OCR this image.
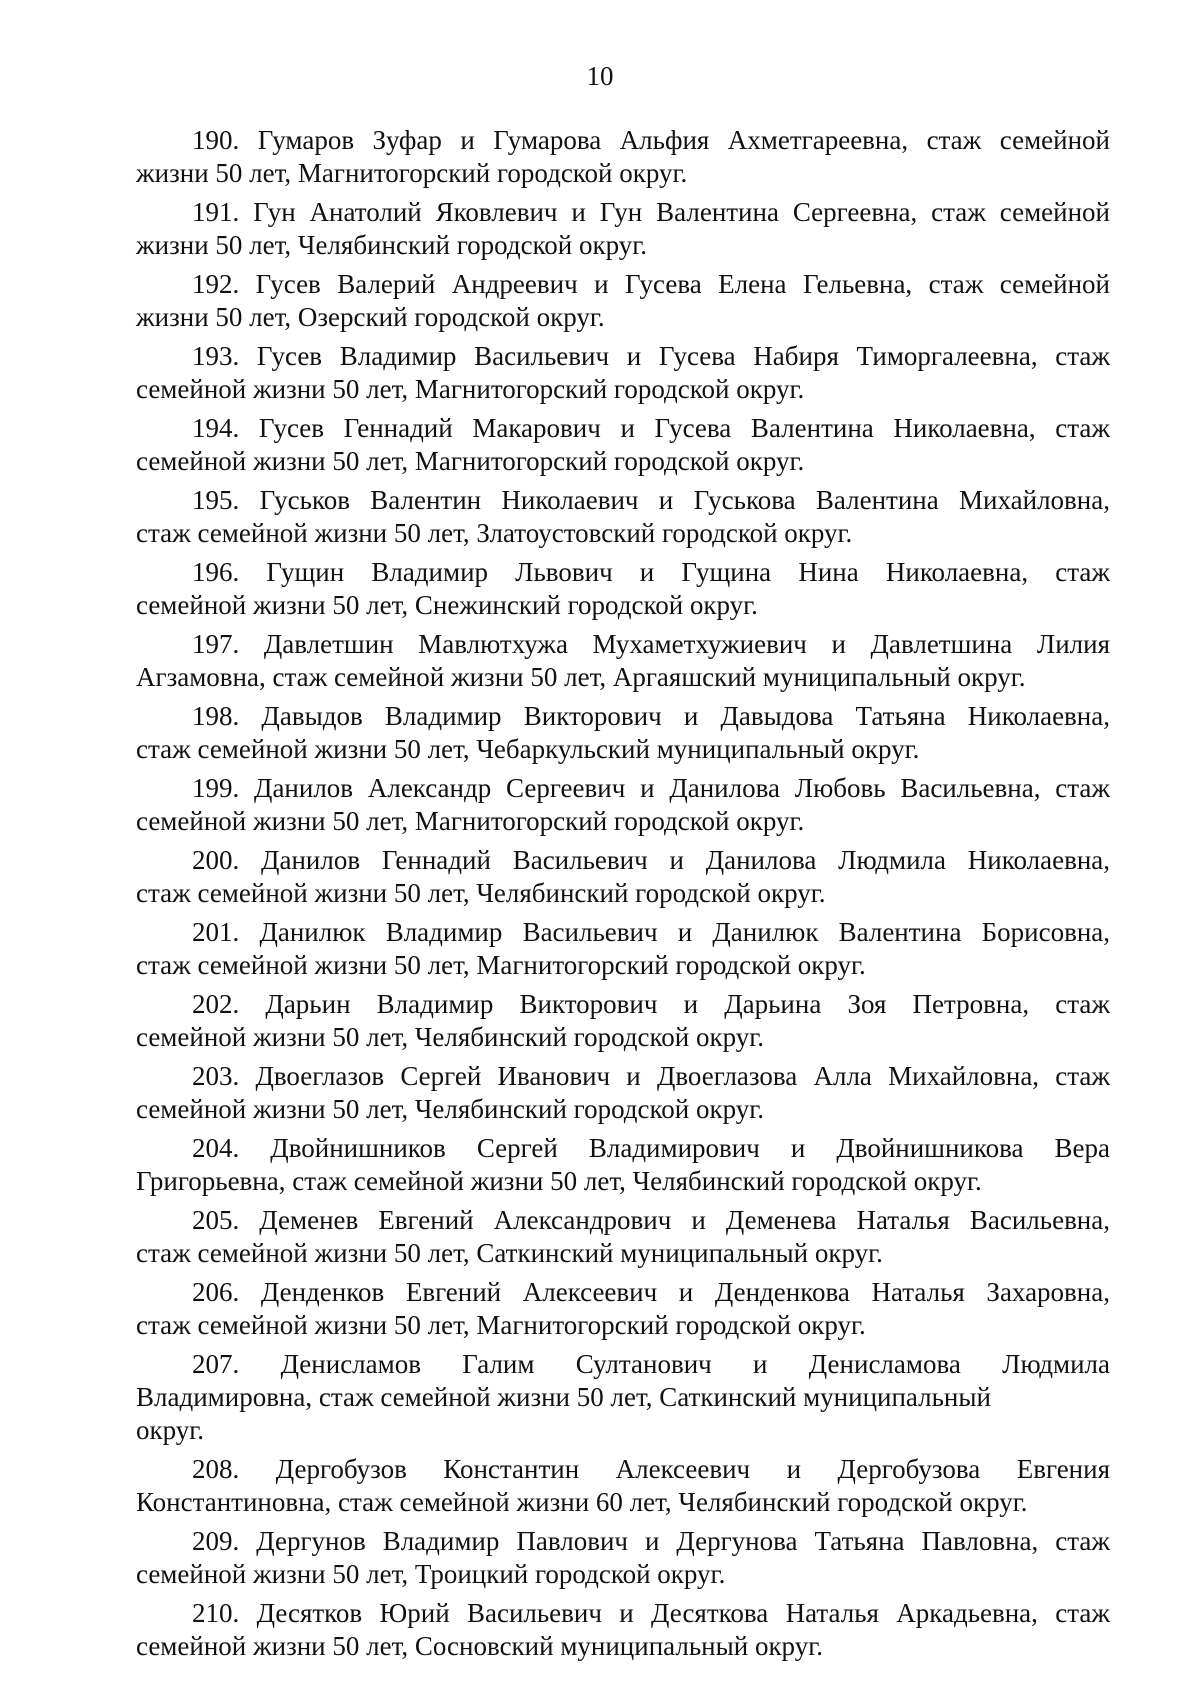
10
190. Гумаров Зуфар и Гумарова Альфия Ахметгареевна, стаж семейной
жизни 50 лет, Магнитогорский городской округ.
191. Гун Анатолий Яковлевич и Гун Валентина Сергеевна, стаж семейной
жизни 50 лет, Челябинский городской округ.
192. Гусев Валерий Андреевич и Гусева Елена Гельевна, стаж семейной
жизни 50 лет, Озерский городской округ.
193. Гусев Владимир Васильевич и Гусева Набиря Тиморгалеевна, стаж
семейной жизни 50 лет, Магнитогорский городской округ.
194. Гусев Геннадий Макарович и Гусева Валентина Николаевна, стаж
семейной жизни 50 лет, Магнитогорский городской округ.
195. Гуськов Валентин Николаевич и Гуськова Валентина Михайловна,
стаж семейной жизни 50 лет, Златоустовский городской округ.
196. Гущин Владимир Львович и Гущина Нина Николаевна, стаж
семейной жизни 50 лет, Снежинский городской округ.
197. Давлетшин Мавлютхужа Мухаметхужиевич и Давлетшина Лилия
Агзамовна, стаж семейной жизни 50 лет, Аргаяшский муниципальный округ.
198. Давыдов Владимир Викторович и Давыдова Татьяна Николаевна,
стаж семейной жизни 50 лет, Чебаркульский муниципальный округ.
199. Данилов Александр Сергеевич и Данилова Любовь Васильевна, стаж
семейной жизни 50 лет, Магнитогорский городской округ.
200. Данилов Геннадий Васильевич и Данилова Людмила Николаевна,
стаж семейной жизни 50 лет, Челябинский городской округ.
201. Данилюк Владимир Васильевич и Данилюк Валентина Борисовна,
стаж семейной жизни 50 лет, Магнитогорский городской округ.
202. Дарьин Владимир Викторович и Дарьина Зоя Петровна, стаж
семейной жизни 50 лет, Челябинский городской округ.
203. Двоеглазов Сергей Иванович и Двоеглазова Алла Михайловна, стаж
семейной жизни 50 лет, Челябинский городской округ.
204. Двойнишников Сергей Владимирович и Двойнишникова Вера
Григорьевна, стаж семейной жизни 50 лет, Челябинский городской округ.
205. Деменев Евгений Александрович и Деменева Наталья Васильевна,
стаж семейной жизни 50 лет, Саткинский муниципальный округ.
206. Денденков Евгений Алексеевич и Денденкова Наталья Захаровна,
стаж семейной жизни 50 лет, Магнитогорский городской округ.
207. Денисламов Галим Султанович и Денисламова Людмила
Владимировна, стаж семейной жизни 50 лет, Саткинский муниципальный
округ.
208. Дергобузов Константин Алексеевич и Дергобузова Евгения
Константиновна, стаж семейной жизни 60 лет, Челябинский городской округ.
209. Дергунов Владимир Павлович и Дергунова Татьяна Павловна, стаж
семейной жизни 50 лет, Троицкий городской округ.
210. Десятков Юрий Васильевич и Десяткова Наталья Аркадьевна, стаж
семейной жизни 50 лет, Сосновский муниципальный округ.
